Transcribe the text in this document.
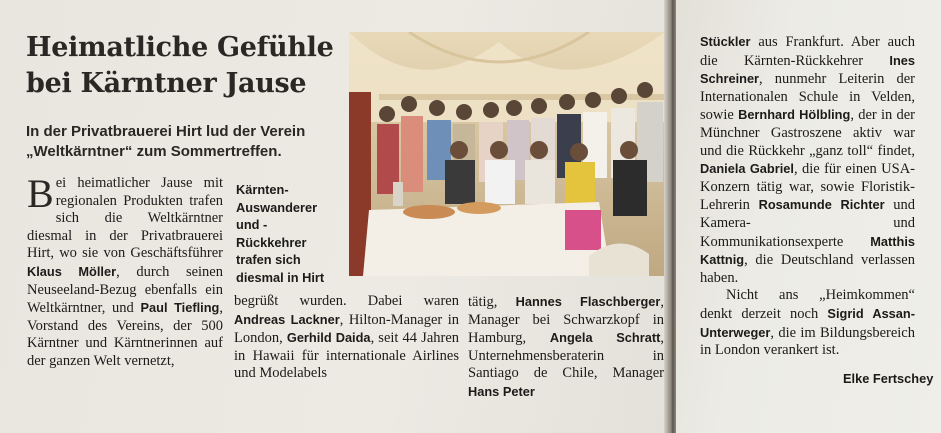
Heimatliche Gefühle
bei Kärntner Jause

In der Privatbrauerei Hirt lud der Verein „Weltkärntner“ zum Sommertreffen.

Bei heimatlicher Jause mit regionalen Produkten trafen sich die Weltkärntner diesmal in der Privatbrauerei Hirt, wo sie von Geschäftsführer Klaus Möller, durch seinen Neuseeland-Bezug ebenfalls ein Weltkärntner, und Paul Tiefling, Vorstand des Vereins, der 500 Kärntner und Kärntnerinnen auf der ganzen Welt vernetzt,

Kärnten-Auswanderer und -Rückkehrer trafen sich diesmal in Hirt

begrüßt wurden. Dabei waren Andreas Lackner, Hilton-Manager in London, Gerhild Daida, seit 44 Jahren in Hawaii für internationale Airlines und Modelabels

tätig, Hannes Flaschberger, Manager bei Schwarzkopf in Hamburg, Angela Schratt, Unternehmensberaterin in Santiago de Chile, Manager Hans Peter

Stückler aus Frankfurt. Aber auch die Kärnten-Rückkehrer Ines Schreiner, nunmehr Leiterin der Internationalen Schule in Velden, sowie Bernhard Hölbling, der in der Münchner Gastroszene aktiv war und die Rückkehr „ganz toll“ findet, Daniela Gabriel, die für einen USA-Konzern tätig war, sowie Floristik-Lehrerin Rosamunde Richter und Kamera- und Kommunikationsexperte Matthis Kattnig, die Deutschland verlassen haben.
Nicht ans „Heimkommen“ denkt derzeit noch Sigrid Assan-Unterweger, die im Bildungsbereich in London verankert ist.

Elke Fertschey
